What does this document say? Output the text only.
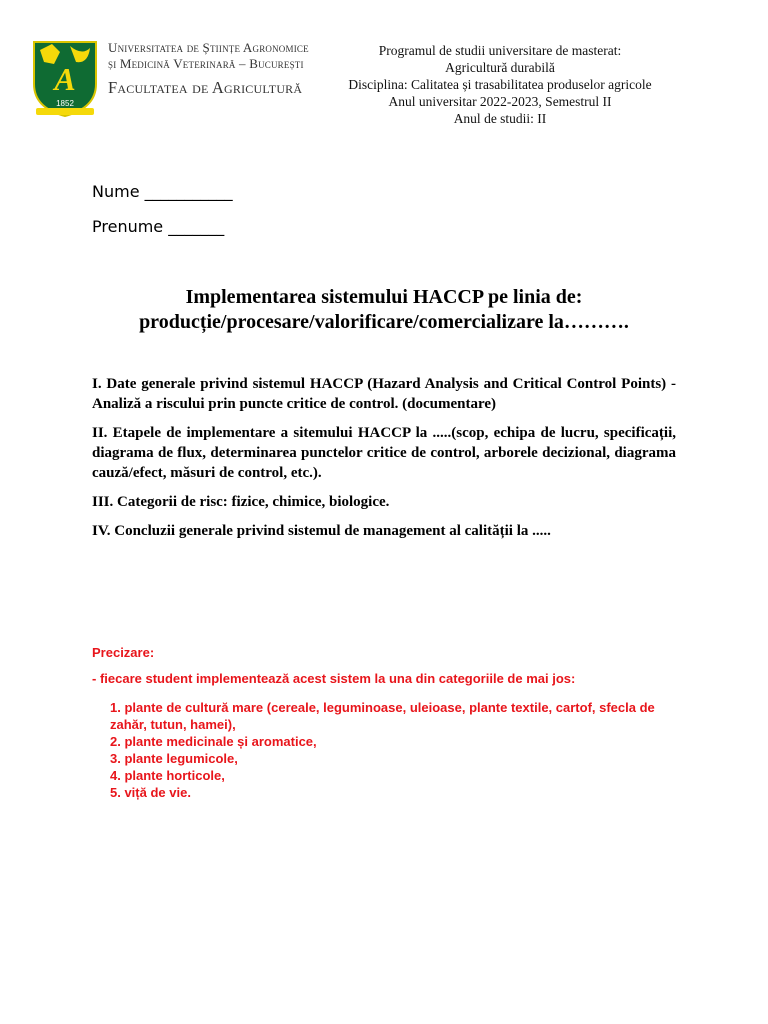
A
1852
Universitatea de Științe Agronomice
și Medicină Veterinară – București
Facultatea de Agricultură
Programul de studii universitare de masterat:
Agricultură durabilă
Disciplina: Calitatea și trasabilitatea produselor agricole
Anul universitar 2022-2023, Semestrul II
Anul de studii: II
Nume ___________
Prenume _______
Implementarea sistemului HACCP pe linia de:
producție/procesare/valorificare/comercializare la……….

I. Date generale privind sistemul HACCP (Hazard Analysis and Critical Control Points) - Analiză a riscului prin puncte critice de control. (documentare)

II. Etapele de implementare a sitemului HACCP la .....(scop, echipa de lucru, specificații, diagrama de flux, determinarea punctelor critice de control, arborele decizional, diagrama cauză/efect, măsuri de control, etc.).

III. Categorii de risc: fizice, chimice, biologice.

IV. Concluzii generale privind sistemul de management al calității la .....

Precizare:
- fiecare student implementează acest sistem la una din categoriile de mai jos:
1. plante de cultură mare (cereale, leguminoase, uleioase, plante textile, cartof, sfecla de zahăr, tutun, hamei),
2. plante medicinale și aromatice,
3. plante legumicole,
4. plante horticole,
5. viță de vie.
